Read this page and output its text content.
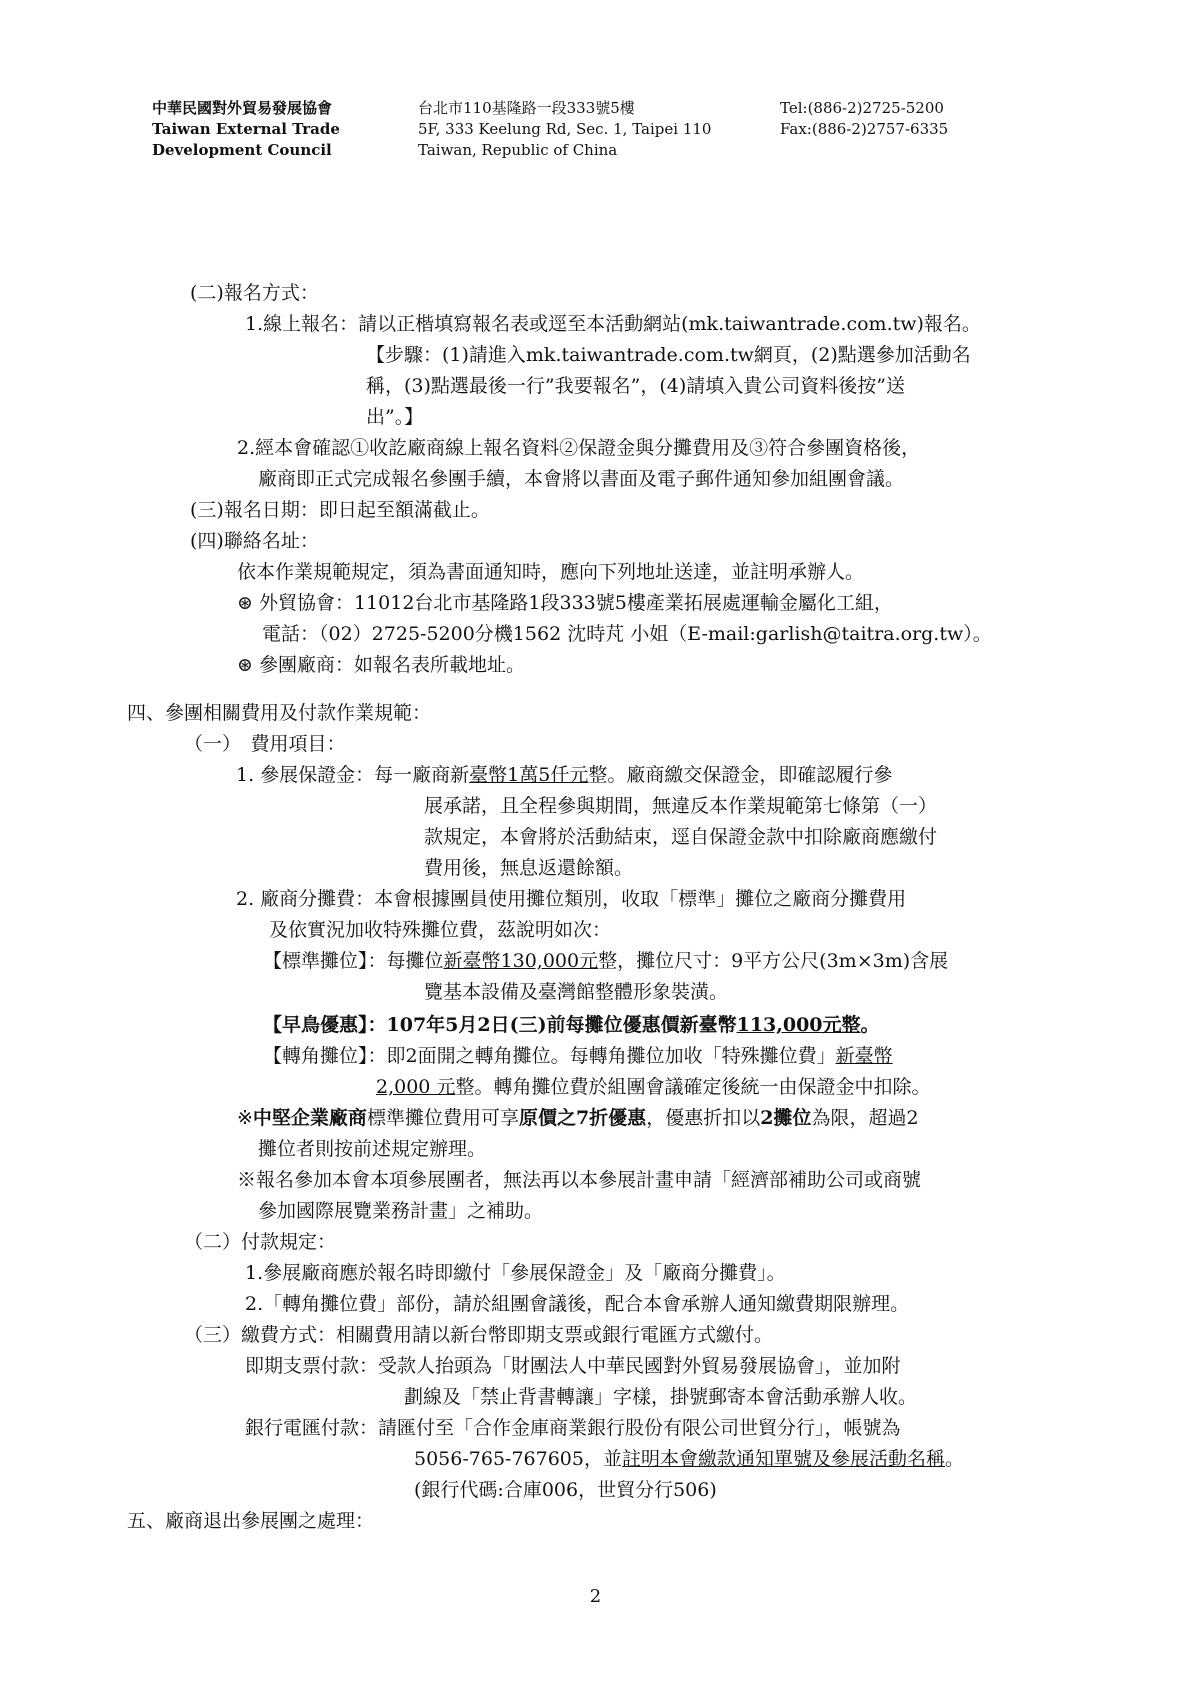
中華民國對外貿易發展協會
Taiwan External Trade
Development Council
台北市110基隆路一段333號5樓
5F, 333 Keelung Rd, Sec. 1, Taipei 110
Taiwan, Republic of China
Tel:(886-2)2725-5200
Fax:(886-2)2757-6335
(二)報名方式：
1.線上報名：請以正楷填寫報名表或逕至本活動網站(mk.taiwantrade.com.tw)報名。
【步驟：(1)請進入mk.taiwantrade.com.tw網頁，(2)點選參加活動名
稱，(3)點選最後一行”我要報名”，(4)請填入貴公司資料後按”送
出”。】
2.經本會確認①收訖廠商線上報名資料②保證金與分攤費用及③符合參團資格後，
廠商即正式完成報名參團手續，本會將以書面及電子郵件通知參加組團會議。
(三)報名日期：即日起至額滿截止。
(四)聯絡名址：
依本作業規範規定，須為書面通知時，應向下列地址送達，並註明承辦人。
⊛ 外貿協會：11012台北市基隆路1段333號5樓產業拓展處運輸金屬化工組，
電話：（02）2725-5200分機1562 沈時芃 小姐（E-mail:garlish@taitra.org.tw）。
⊛ 參團廠商：如報名表所載地址。
四、參團相關費用及付款作業規範：
（一）　費用項目：
1. 參展保證金：每一廠商新臺幣1萬5仟元整。廠商繳交保證金，即確認履行參
展承諾，且全程參與期間，無違反本作業規範第七條第（一）
款規定，本會將於活動結束，逕自保證金款中扣除廠商應繳付
費用後，無息返還餘額。
2. 廠商分攤費：本會根據團員使用攤位類別，收取「標準」攤位之廠商分攤費用
及依實況加收特殊攤位費，茲說明如次：
【標準攤位】：每攤位新臺幣130,000元整，攤位尺寸：9平方公尺(3m×3m)含展
覽基本設備及臺灣館整體形象裝潢。
【早鳥優惠】：107年5月2日(三)前每攤位優惠價新臺幣113,000元整。
【轉角攤位】：即2面開之轉角攤位。每轉角攤位加收「特殊攤位費」新臺幣
2,000 元整。轉角攤位費於組團會議確定後統一由保證金中扣除。
※中堅企業廠商標準攤位費用可享原價之7折優惠，優惠折扣以2攤位為限，超過2
攤位者則按前述規定辦理。
※報名參加本會本項參展團者，無法再以本參展計畫申請「經濟部補助公司或商號
參加國際展覽業務計畫」之補助。
（二）付款規定：
1.參展廠商應於報名時即繳付「參展保證金」及「廠商分攤費」。
2.「轉角攤位費」部份，請於組團會議後，配合本會承辦人通知繳費期限辦理。
（三）繳費方式：相關費用請以新台幣即期支票或銀行電匯方式繳付。
即期支票付款：受款人抬頭為「財團法人中華民國對外貿易發展協會」，並加附
劃線及「禁止背書轉讓」字樣，掛號郵寄本會活動承辦人收。
銀行電匯付款：請匯付至「合作金庫商業銀行股份有限公司世貿分行」，帳號為
5056-765-767605，並註明本會繳款通知單號及參展活動名稱。
(銀行代碼:合庫006，世貿分行506)
五、廠商退出參展團之處理：
2
